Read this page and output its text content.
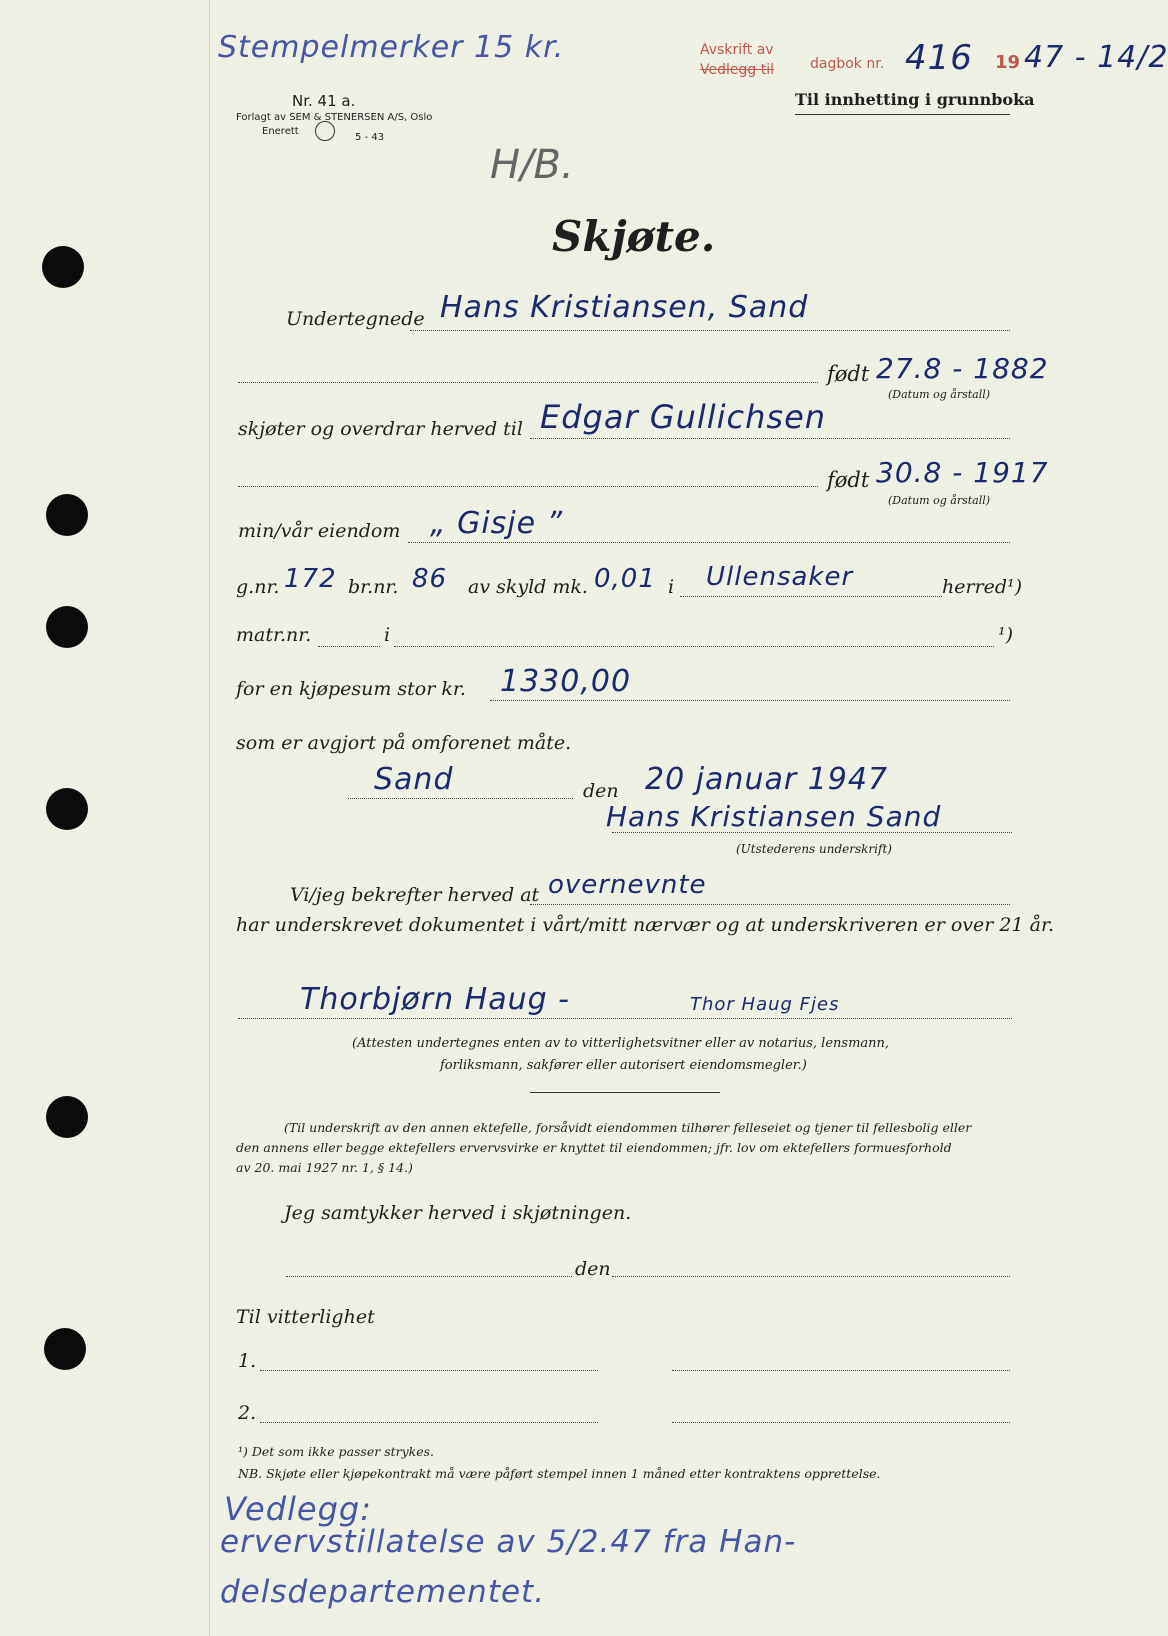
Stempelmerker 15 kr.	Avskrift av
Vedlegg til	dagbok nr. 416 19 47 - 14/2
Nr. 41 a.
Forlagt av SEM & STENERSEN A/S, Oslo
Enerett
5 - 43
Til innhetting i grunnboka
H/B.
Skjøte.
Undertegnede Hans Kristiansen, Sand
født 27.8 - 1882
(Datum og årstall)
skjøter og overdrar herved til Edgar Gullichsen
født 30.8 - 1917
(Datum og årstall)
min/vår eiendom „ Gisje ”
g.nr. 172 br.nr. 86 av skyld mk. 0,01 i Ullensaker	herred¹)
matr.nr.	i	¹)
for en kjøpesum stor kr. 1330,00
som er avgjort på omforenet måte.
Sand	den 20 januar 1947
Hans Kristiansen Sand
(Utstederens underskrift)
Vi/jeg bekrefter herved at overnevnte
har underskrevet dokumentet i vårt/mitt nærvær og at underskriveren er over 21 år.
Thorbjørn Haug -	Thor Haug Fjes
(Attesten undertegnes enten av to vitterlighetsvitner eller av notarius, lensmann,
forliksmann, sakfører eller autorisert eiendomsmegler.)
(Til underskrift av den annen ektefelle, forsåvidt eiendommen tilhører felleseiet og tjener til fellesbolig eller
den annens eller begge ektefellers ervervsvirke er knyttet til eiendommen; jfr. lov om ektefellers formuesforhold
av 20. mai 1927 nr. 1, § 14.)
Jeg samtykker herved i skjøtningen.
den
Til vitterlighet
1.
2.
¹) Det som ikke passer strykes.
NB. Skjøte eller kjøpekontrakt må være påført stempel innen 1 måned etter kontraktens opprettelse.
Vedlegg:
ervervstillatelse av 5/2.47 fra Han-
delsdepartementet.
